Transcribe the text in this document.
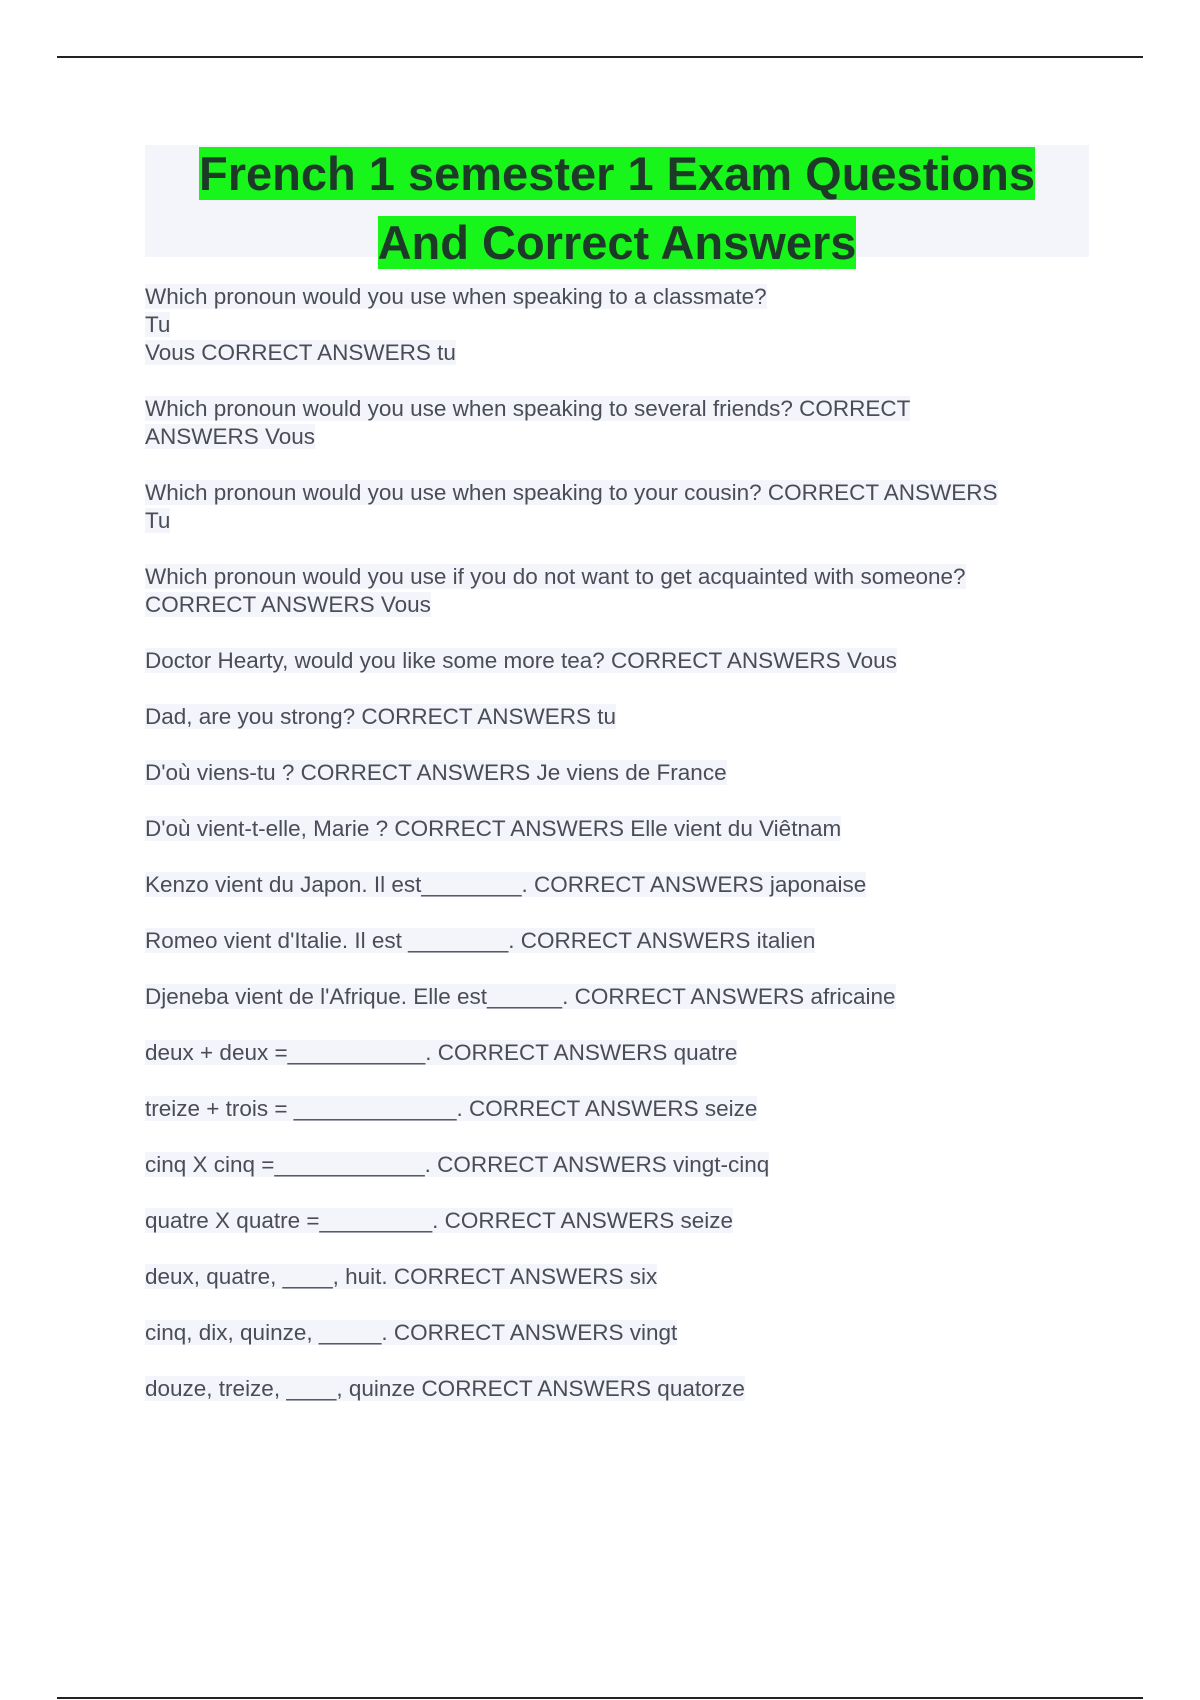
French 1 semester 1 Exam Questions
And Correct Answers
Which pronoun would you use when speaking to a classmate?
Tu
Vous CORRECT ANSWERS tu
Which pronoun would you use when speaking to several friends? CORRECT
ANSWERS Vous
Which pronoun would you use when speaking to your cousin? CORRECT ANSWERS
Tu
Which pronoun would you use if you do not want to get acquainted with someone?
CORRECT ANSWERS Vous
Doctor Hearty, would you like some more tea? CORRECT ANSWERS Vous
Dad, are you strong? CORRECT ANSWERS tu
D'où viens-tu ? CORRECT ANSWERS Je viens de France
D'où vient-t-elle, Marie ? CORRECT ANSWERS Elle vient du Viêtnam
Kenzo vient du Japon. Il est________. CORRECT ANSWERS japonaise
Romeo vient d'Italie. Il est ________. CORRECT ANSWERS italien
Djeneba vient de l'Afrique. Elle est______. CORRECT ANSWERS africaine
deux + deux =___________. CORRECT ANSWERS quatre
treize + trois = _____________. CORRECT ANSWERS seize
cinq X cinq =____________. CORRECT ANSWERS vingt-cinq
quatre X quatre =_________. CORRECT ANSWERS seize
deux, quatre, ____, huit. CORRECT ANSWERS six
cinq, dix, quinze, _____. CORRECT ANSWERS vingt
douze, treize, ____, quinze CORRECT ANSWERS quatorze
